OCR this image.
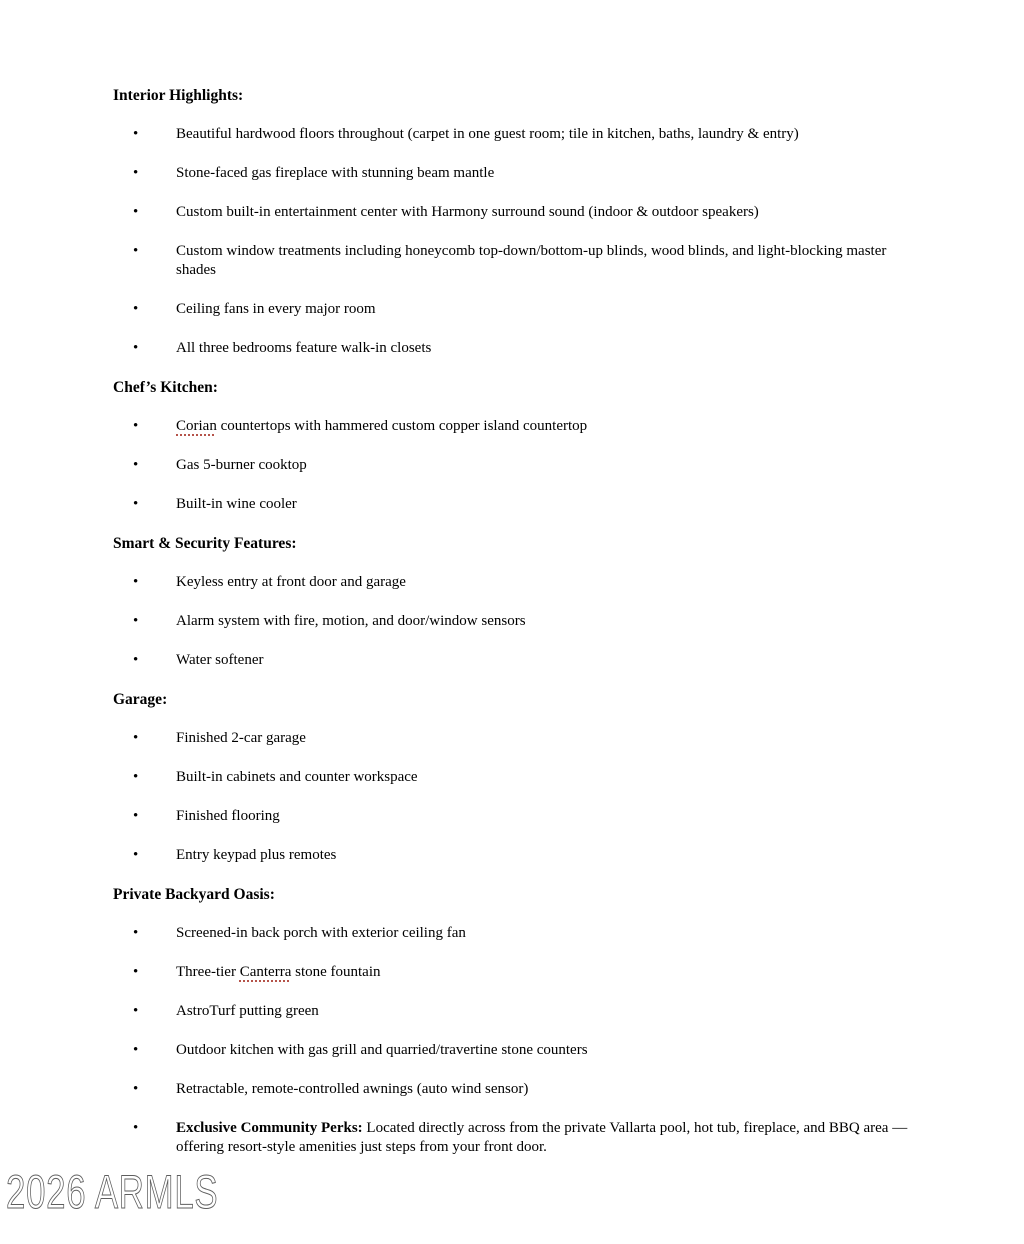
Interior Highlights:
•	Beautiful hardwood floors throughout (carpet in one guest room; tile in kitchen, baths, laundry & entry)
•	Stone-faced gas fireplace with stunning beam mantle
•	Custom built-in entertainment center with Harmony surround sound (indoor & outdoor speakers)
•	Custom window treatments including honeycomb top-down/bottom-up blinds, wood blinds, and light-blocking master shades
•	Ceiling fans in every major room
•	All three bedrooms feature walk-in closets
Chef’s Kitchen:
•	Corian countertops with hammered custom copper island countertop
•	Gas 5-burner cooktop
•	Built-in wine cooler
Smart & Security Features:
•	Keyless entry at front door and garage
•	Alarm system with fire, motion, and door/window sensors
•	Water softener
Garage:
•	Finished 2-car garage
•	Built-in cabinets and counter workspace
•	Finished flooring
•	Entry keypad plus remotes
Private Backyard Oasis:
•	Screened-in back porch with exterior ceiling fan
•	Three-tier Canterra stone fountain
•	AstroTurf putting green
•	Outdoor kitchen with gas grill and quarried/travertine stone counters
•	Retractable, remote-controlled awnings (auto wind sensor)
•	Exclusive Community Perks: Located directly across from the private Vallarta pool, hot tub, fireplace, and BBQ area — offering resort-style amenities just steps from your front door.
2026 ARMLS
